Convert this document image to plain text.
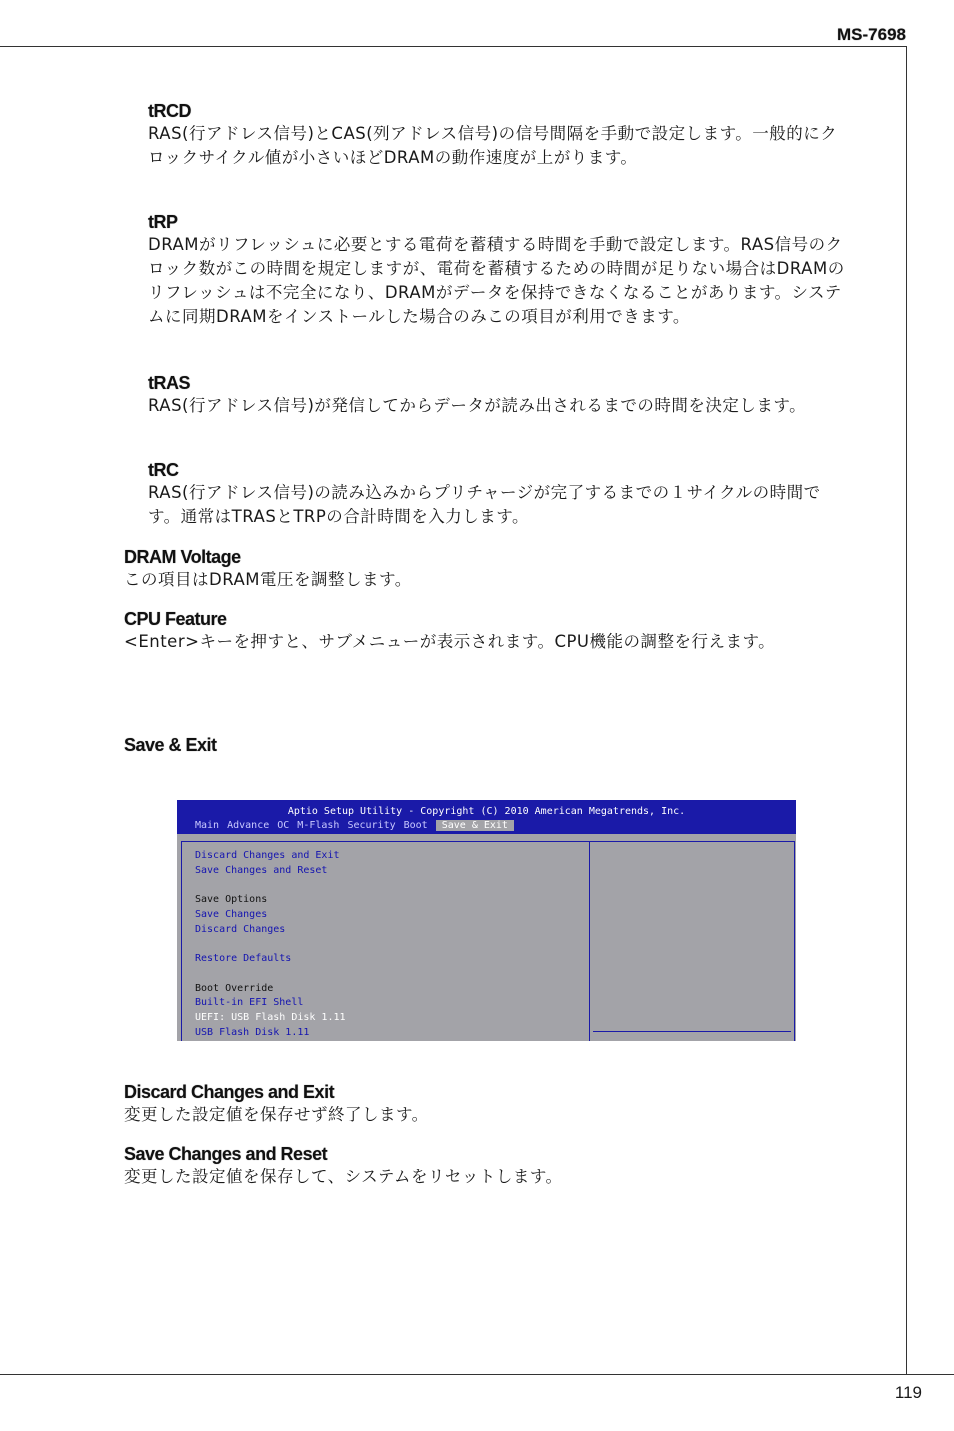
MS-7698
tRCD
RAS(行アドレス信号)とCAS(列アドレス信号)の信号間隔を手動で設定します。一般的にクロックサイクル値が小さいほどDRAMの動作速度が上がります。
tRP
DRAMがリフレッシュに必要とする電荷を蓄積する時間を手動で設定します。RAS信号のクロック数がこの時間を規定しますが、電荷を蓄積するための時間が足りない場合はDRAMのリフレッシュは不完全になり、DRAMがデータを保持できなくなることがあります。システムに同期DRAMをインストールした場合のみこの項目が利用できます。
tRAS
RAS(行アドレス信号)が発信してからデータが読み出されるまでの時間を決定します。
tRC
RAS(行アドレス信号)の読み込みからプリチャージが完了するまでの１サイクルの時間です。通常はTRASとTRPの合計時間を入力します。
DRAM Voltage
この項目はDRAM電圧を調整します。
CPU Feature
<Enter>キーを押すと、サブメニューが表示されます。CPU機能の調整を行えます。
Save & Exit
Aptio Setup Utility - Copyright (C) 2010 American Megatrends, Inc.
Main Advance OC M-Flash Security Boot	Save & Exit
Discard Changes and Exit
Save Changes and Reset
Save Options
Save Changes
Discard Changes
Restore Defaults
Boot Override
Built-in EFI Shell
UEFI: USB Flash Disk 1.11
USB Flash Disk 1.11
Discard Changes and Exit
変更した設定値を保存せず終了します。
Save Changes and Reset
変更した設定値を保存して、システムをリセットします。
119
